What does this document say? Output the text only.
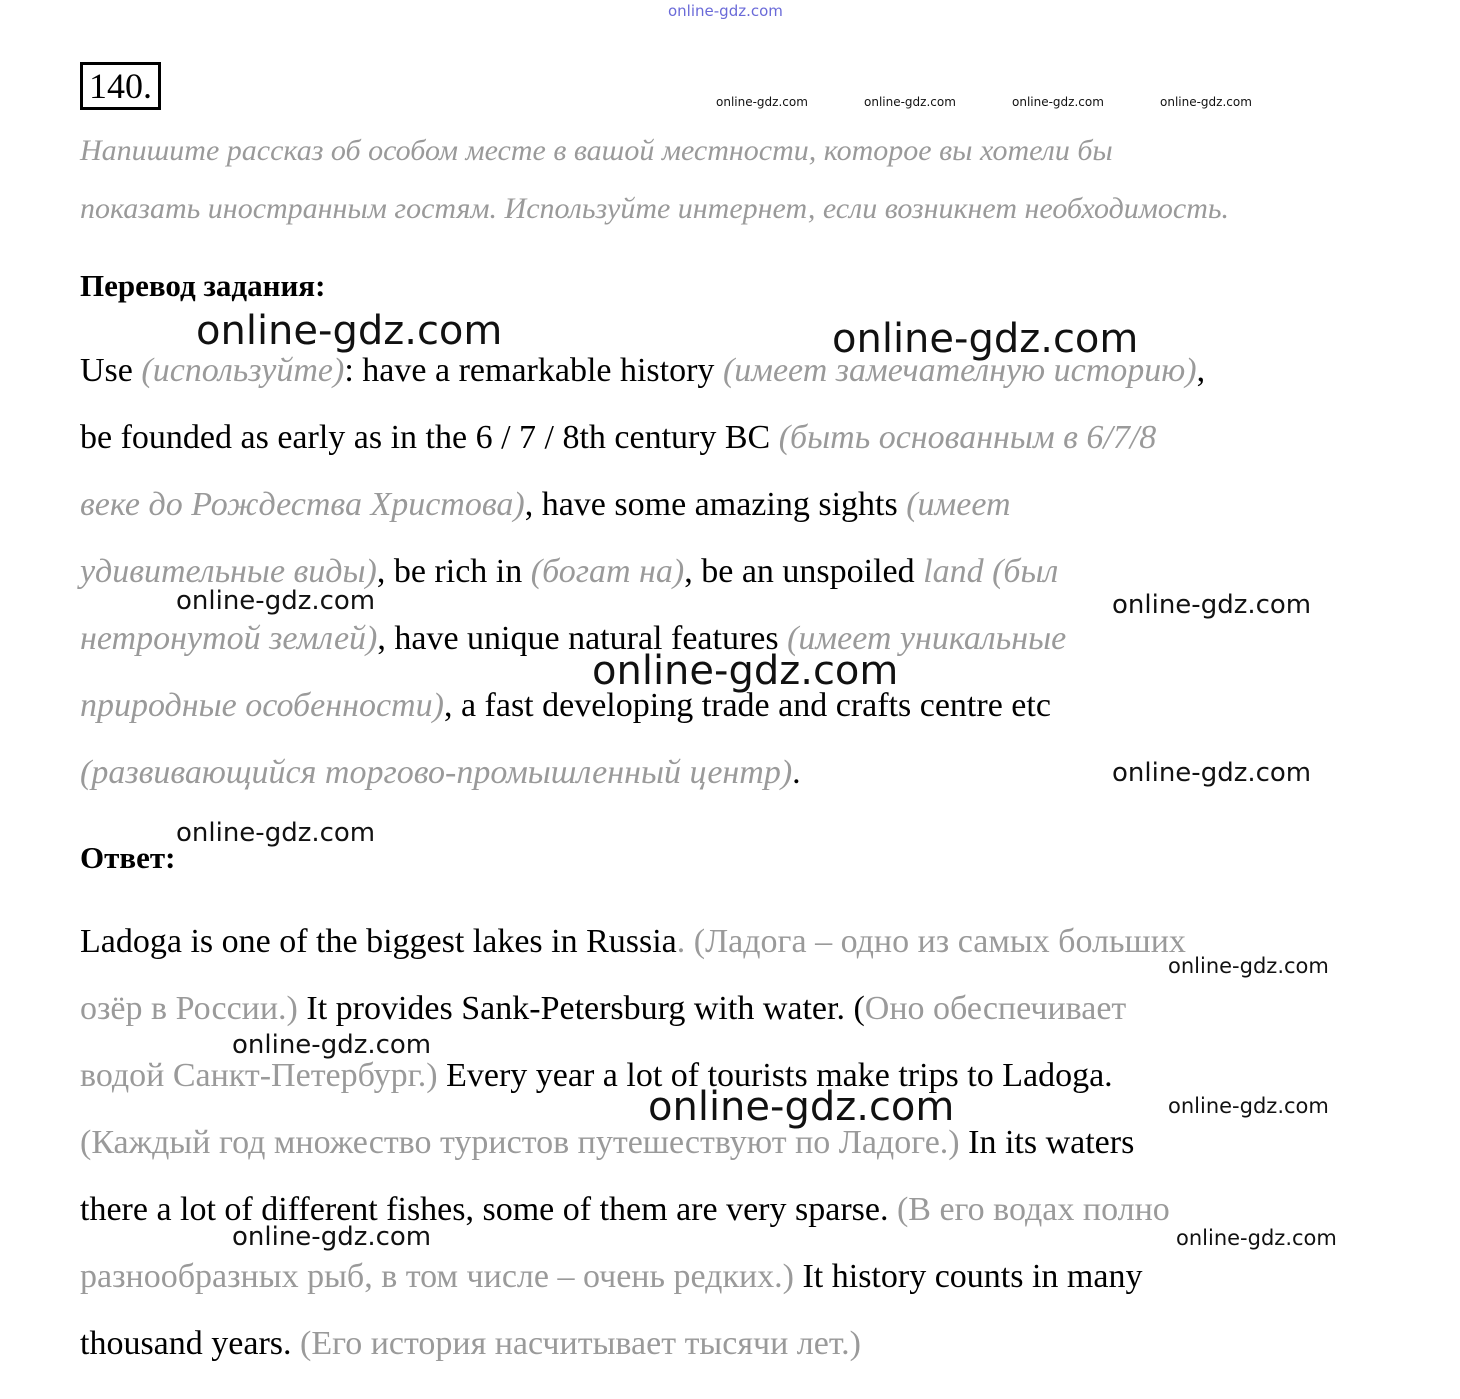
online-gdz.com
140.	online-gdz.com	online-gdz.com	online-gdz.com	online-gdz.com
Напишите рассказ об особом месте в вашой местности, которое вы хотели бы
показать иностранным гостям. Используйте интернет, если возникнет необходимость.
Перевод задания:
Use (используйте): have a remarkable history (имеет замечателную историю),
be founded as early as in the 6 / 7 / 8th century BC (быть основанным в 6/7/8
веке до Рождества Христова), have some amazing sights (имеет
удивительные виды), be rich in (богат на), be an unspoiled land (был
нетронутой землей), have unique natural features (имеет уникальные
природные особенности), a fast developing trade and crafts centre etc
(развивающийся торгово-промышленный центр).
Ответ:
Ladoga is one of the biggest lakes in Russia. (Ладога – одно из самых больших
озёр в России.) It provides Sank-Petersburg with water. (Оно обеспечивает
водой Санкт-Петербург.) Every year a lot of tourists make trips to Ladoga.
(Каждый год множество туристов путешествуют по Ладоге.) In its waters
there a lot of different fishes, some of them are very sparse. (В его водах полно
разнообразных рыб, в том числе – очень редких.) It history counts in many
thousand years. (Его история насчитывает тысячи лет.)
online-gdz.com	online-gdz.com
online-gdz.com	online-gdz.com
online-gdz.com
online-gdz.com
online-gdz.com
online-gdz.com
online-gdz.com
online-gdz.com	online-gdz.com
online-gdz.com	online-gdz.com
